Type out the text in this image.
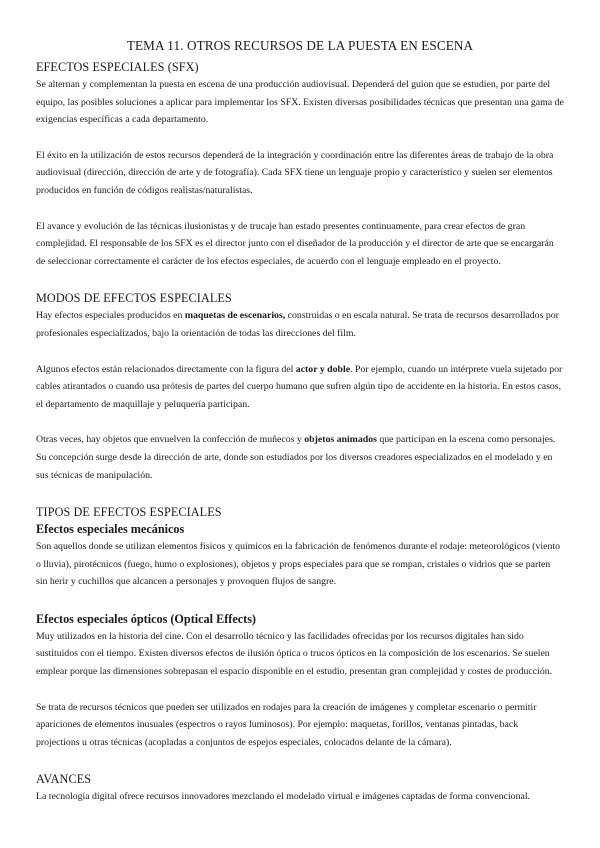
TEMA 11. OTROS RECURSOS DE LA PUESTA EN ESCENA
EFECTOS ESPECIALES (SFX)

Se alternan y complementan la puesta en escena de una producción audiovisual. Dependerá del guion que se estudien, por parte del equipo, las posibles soluciones a aplicar para implementar los SFX. Existen diversas posibilidades técnicas que presentan una gama de exigencias específicas a cada departamento.

El éxito en la utilización de estos recursos dependerá de la integración y coordinación entre las diferentes áreas de trabajo de la obra audiovisual (dirección, dirección de arte y de fotografía). Cada SFX tiene un lenguaje propio y característico y suelen ser elementos producidos en función de códigos realistas/naturalistas.

El avance y evolución de las técnicas ilusionistas y de trucaje han estado presentes continuamente, para crear efectos de gran complejidad. El responsable de los SFX es el director junto con el diseñador de la producción y el director de arte que se encargarán de seleccionar correctamente el carácter de los efectos especiales, de acuerdo con el lenguaje empleado en el proyecto.

MODOS DE EFECTOS ESPECIALES

Hay efectos especiales producidos en maquetas de escenarios, construidas o en escala natural. Se trata de recursos desarrollados por profesionales especializados, bajo la orientación de todas las direcciones del film.

Algunos efectos están relacionados directamente con la figura del actor y doble. Por ejemplo, cuando un intérprete vuela sujetado por cables atirantados o cuando usa prótesis de partes del cuerpo humano que sufren algún tipo de accidente en la historia. En estos casos, el departamento de maquillaje y peluquería participan.

Otras veces, hay objetos que envuelven la confección de muñecos y objetos animados que participan en la escena como personajes. Su concepción surge desde la dirección de arte, donde son estudiados por los diversos creadores especializados en el modelado y en sus técnicas de manipulación.

TIPOS DE EFECTOS ESPECIALES
Efectos especiales mecánicos

Son aquellos donde se utilizan elementos físicos y químicos en la fabricación de fenómenos durante el rodaje: meteorológicos (viento o lluvia), pirotécnicos (fuego, humo o explosiones), objetos y props especiales para que se rompan, cristales o vidrios que se parten sin herir y cuchillos que alcancen a personajes y provoquen flujos de sangre.

Efectos especiales ópticos (Optical Effects)

Muy utilizados en la historia del cine. Con el desarrollo técnico y las facilidades ofrecidas por los recursos digitales han sido sustituidos con el tiempo. Existen diversos efectos de ilusión óptica o trucos ópticos en la composición de los escenarios. Se suelen emplear porque las dimensiones sobrepasan el espacio disponible en el estudio, presentan gran complejidad y costes de producción.

Se trata de recursos técnicos que pueden ser utilizados en rodajes para la creación de imágenes y completar escenario o permitir apariciones de elementos inusuales (espectros o rayos luminosos). Por ejemplo: maquetas, forillos, ventanas pintadas, back projections u otras técnicas (acopladas a conjuntos de espejos especiales, colocados delante de la cámara).

AVANCES

La tecnología digital ofrece recursos innovadores mezclando el modelado virtual e imágenes captadas de forma convencional.
